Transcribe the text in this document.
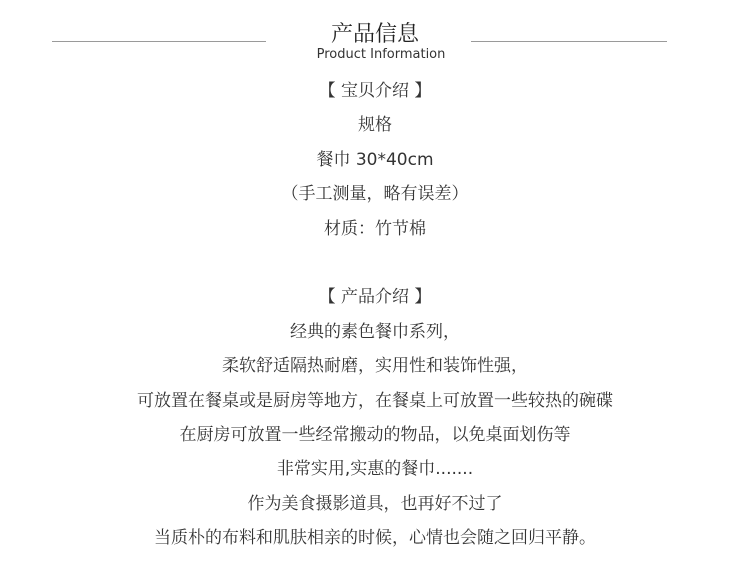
产品信息
Product Information
【 宝贝介绍 】
规格
餐巾 30*40cm
（手工测量，略有误差）
材质：竹节棉
【 产品介绍 】
经典的素色餐巾系列，
柔软舒适隔热耐磨，实用性和装饰性强，
可放置在餐桌或是厨房等地方，在餐桌上可放置一些较热的碗碟
在厨房可放置一些经常搬动的物品，以免桌面划伤等
非常实用,实惠的餐巾.......
作为美食摄影道具，也再好不过了
当质朴的布料和肌肤相亲的时候，心情也会随之回归平静。
